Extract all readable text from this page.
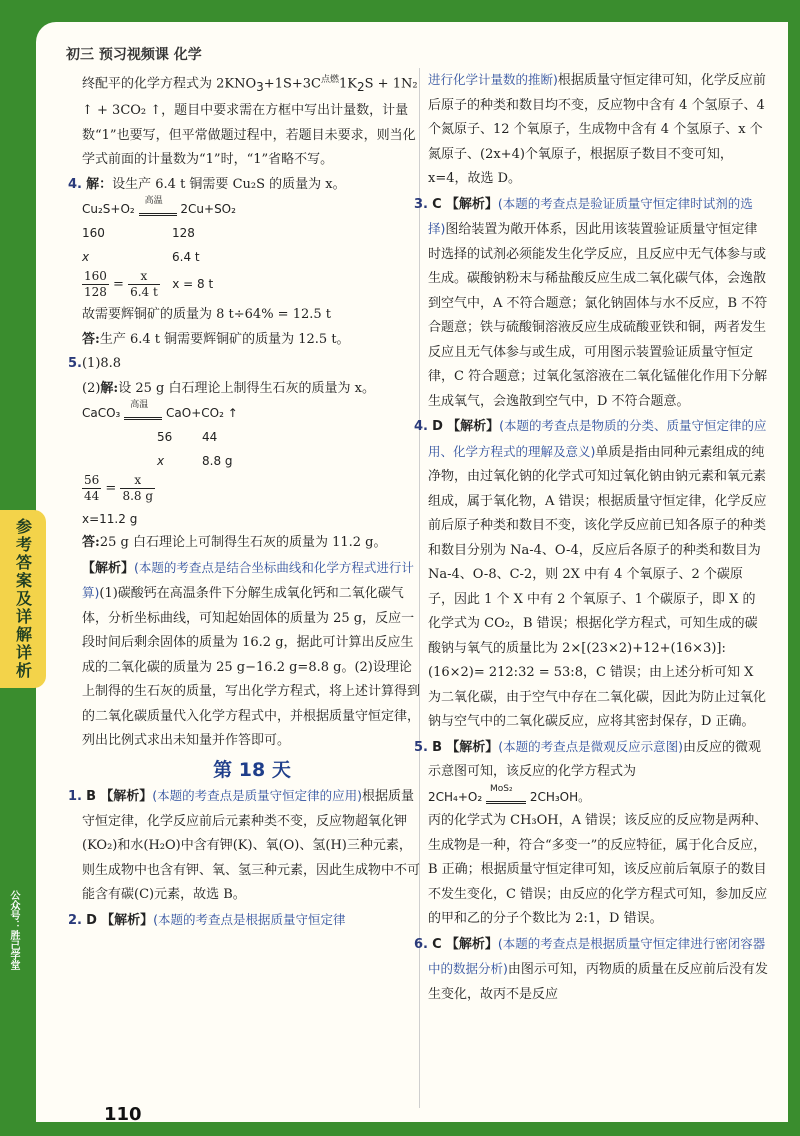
初三 预习视频课 化学
终配平的化学方程式为 $2KNO_3+1S+3C^{点燃}1K_2S + 1N_2$ ↑ + 3CO₂ ↑，题目中要求需在方框中写出计量数，计量数“1”也要写，但平常做题过程中，若题目未要求，则当化学式前面的计量数为“1”时，“1”省略不写。
4. 解：设生产 6.4 t 铜需要 Cu₂S 的质量为 x。
Cu₂S+O₂
高温
2Cu+SO₂
160	128
x	6.4 t
$\frac{160}{128} = \frac{x}{6.4 t}$ x = 8 t
故需要辉铜矿的质量为 8 t÷64% = 12.5 t
答:生产 6.4 t 铜需要辉铜矿的质量为 12.5 t。
5.(1)8.8
(2)解:设 25 g 白石理论上制得生石灰的质量为 x。
CaCO₃
高温
CaO+CO₂ ↑
56 44
x	8.8 g
$\frac{56}{44} = \frac{x}{8.8 g}$
x=11.2 g
答:25 g 白石理论上可制得生石灰的质量为 11.2 g。
【解析】(本题的考查点是结合坐标曲线和化学方程式进行计算)(1)碳酸钙在高温条件下分解生成氧化钙和二氧化碳气体，分析坐标曲线，可知起始固体的质量为 25 g，反应一段时间后剩余固体的质量为 16.2 g，据此可计算出反应生成的二氧化碳的质量为 25 g−16.2 g=8.8 g。(2)设理论上制得的生石灰的质量，写出化学方程式，将上述计算得到的二氧化碳质量代入化学方程式中，并根据质量守恒定律，列出比例式求出未知量并作答即可。
第 18 天
1. B 【解析】(本题的考查点是质量守恒定律的应用)根据质量守恒定律，化学反应前后元素种类不变，反应物超氧化钾(KO₂)和水(H₂O)中含有钾(K)、氧(O)、氢(H)三种元素，则生成物中也含有钾、氧、氢三种元素，因此生成物中不可能含有碳(C)元素，故选 B。
2. D 【解析】(本题的考查点是根据质量守恒定律
进行化学计量数的推断)根据质量守恒定律可知，化学反应前后原子的种类和数目均不变，反应物中含有 4 个氢原子、4 个氮原子、12 个氧原子，生成物中含有 4 个氢原子、x 个氮原子、(2x+4)个氧原子，根据原子数目不变可知，x=4，故选 D。
3. C 【解析】(本题的考查点是验证质量守恒定律时试剂的选择)图给装置为敞开体系，因此用该装置验证质量守恒定律时选择的试剂必须能发生化学反应，且反应中无气体参与或生成。碳酸钠粉末与稀盐酸反应生成二氧化碳气体，会逸散到空气中，A 不符合题意；氯化钠固体与水不反应，B 不符合题意；铁与硫酸铜溶液反应生成硫酸亚铁和铜，两者发生反应且无气体参与或生成，可用图示装置验证质量守恒定律，C 符合题意；过氧化氢溶液在二氧化锰催化作用下分解生成氧气，会逸散到空气中，D 不符合题意。
4. D 【解析】(本题的考查点是物质的分类、质量守恒定律的应用、化学方程式的理解及意义)单质是指由同种元素组成的纯净物，由过氧化钠的化学式可知过氧化钠由钠元素和氧元素组成，属于氧化物，A 错误；根据质量守恒定律，化学反应前后原子种类和数目不变，该化学反应前已知各原子的种类和数目分别为 Na-4、O-4，反应后各原子的种类和数目为 Na-4、O-8、C-2，则 2X 中有 4 个氧原子、2 个碳原子，因此 1 个 X 中有 2 个氧原子、1 个碳原子，即 X 的化学式为 CO₂，B 错误；根据化学方程式，可知生成的碳酸钠与氧气的质量比为 2×[(23×2)+12+(16×3)]:(16×2)= 212:32 = 53:8，C 错误；由上述分析可知 X 为二氧化碳，由于空气中存在二氧化碳，因此为防止过氧化钠与空气中的二氧化碳反应，应将其密封保存，D 正确。
5. B 【解析】(本题的考查点是微观反应示意图)由反应的微观示意图可知，该反应的化学方程式为
2CH₄+O₂
MoS₂
2CH₃OH。
丙的化学式为 CH₃OH，A 错误；该反应的反应物是两种、生成物是一种，符合“多变一”的反应特征，属于化合反应，B 正确；根据质量守恒定律可知，该反应前后氧原子的数目不发生变化，C 错误；由反应的化学方程式可知，参加反应的甲和乙的分子个数比为 2:1，D 错误。
6. C 【解析】(本题的考查点是根据质量守恒定律进行密闭容器中的数据分析)由图示可知，丙物质的质量在反应前后没有发生变化，故丙不是反应
110
参考答案及详解详析
公众号：胜己学堂
